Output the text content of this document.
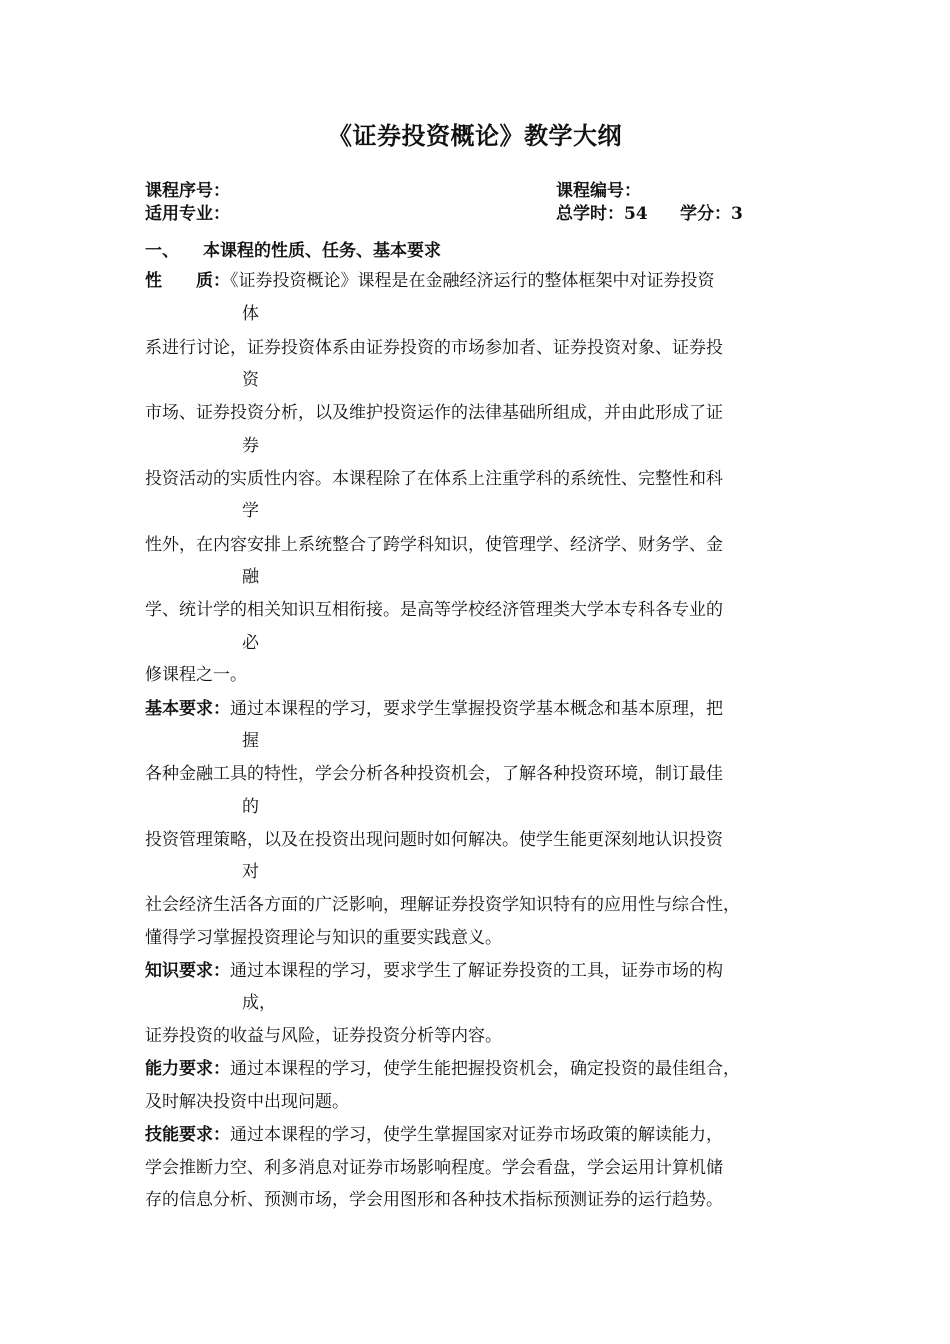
《证券投资概论》教学大纲
课程序号：	课程编号：
适用专业：	总学时：54 学分：3
一、 本课程的性质、任务、基本要求
性　　质：《证券投资概论》课程是在金融经济运行的整体框架中对证券投资
体
系进行讨论，证券投资体系由证券投资的市场参加者、证券投资对象、证券投
资
市场、证券投资分析，以及维护投资运作的法律基础所组成，并由此形成了证
券
投资活动的实质性内容。本课程除了在体系上注重学科的系统性、完整性和科
学
性外，在内容安排上系统整合了跨学科知识，使管理学、经济学、财务学、金
融
学、统计学的相关知识互相衔接。是高等学校经济管理类大学本专科各专业的
必
修课程之一。
基本要求：通过本课程的学习，要求学生掌握投资学基本概念和基本原理，把
握
各种金融工具的特性，学会分析各种投资机会，了解各种投资环境，制订最佳
的
投资管理策略，以及在投资出现问题时如何解决。使学生能更深刻地认识投资
对
社会经济生活各方面的广泛影响，理解证券投资学知识特有的应用性与综合性，
懂得学习掌握投资理论与知识的重要实践意义。
知识要求：通过本课程的学习，要求学生了解证券投资的工具，证券市场的构
成，
证券投资的收益与风险，证券投资分析等内容。
能力要求：通过本课程的学习，使学生能把握投资机会，确定投资的最佳组合，
及时解决投资中出现问题。
技能要求：通过本课程的学习，使学生掌握国家对证券市场政策的解读能力，
学会推断力空、利多消息对证券市场影响程度。学会看盘，学会运用计算机储
存的信息分析、预测市场，学会用图形和各种技术指标预测证券的运行趋势。
